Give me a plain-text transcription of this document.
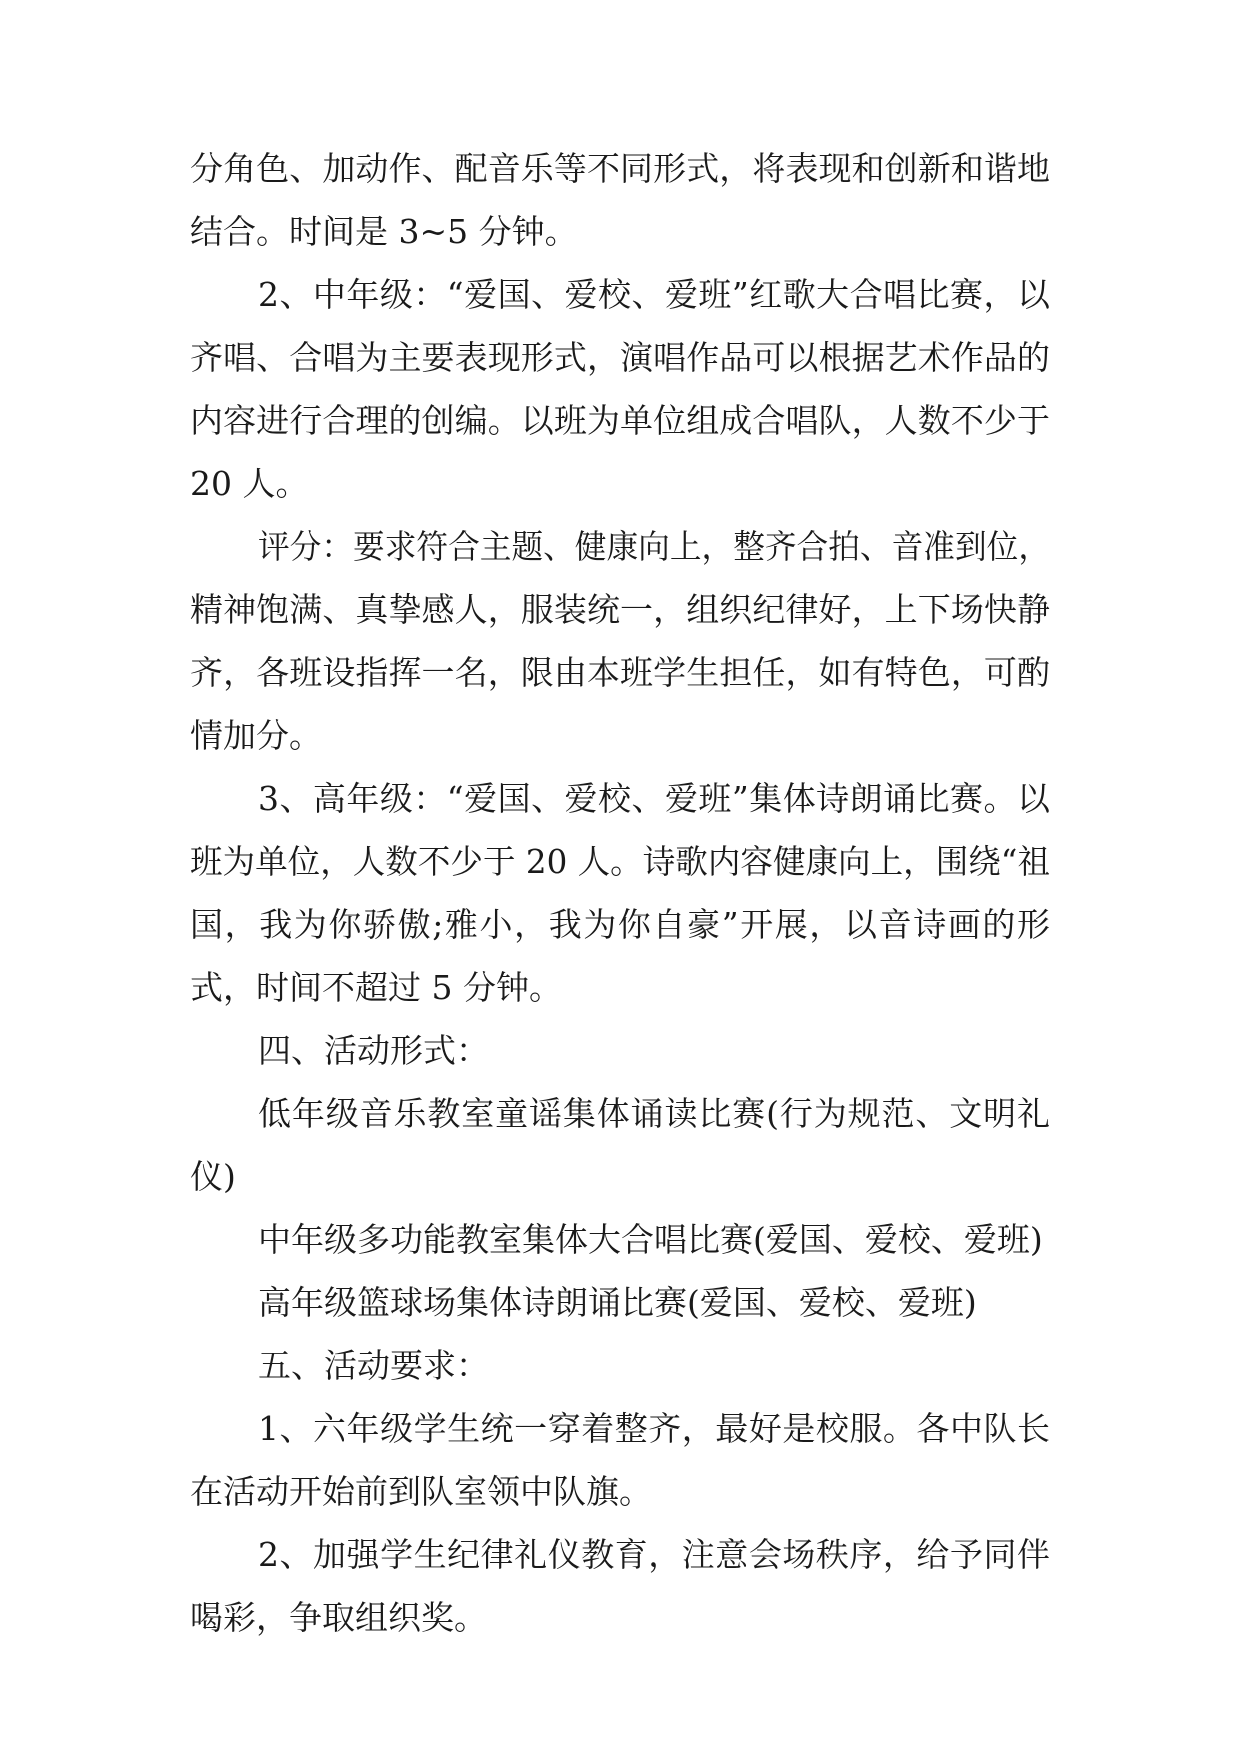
分角色、加动作、配音乐等不同形式，将表现和创新和谐地
结合。时间是 3~5 分钟。
2、中年级：“爱国、爱校、爱班”红歌大合唱比赛，以
齐唱、合唱为主要表现形式，演唱作品可以根据艺术作品的
内容进行合理的创编。以班为单位组成合唱队，人数不少于
20 人。
评分：要求符合主题、健康向上，整齐合拍、音准到位，
精神饱满、真挚感人，服装统一，组织纪律好，上下场快静
齐，各班设指挥一名，限由本班学生担任，如有特色，可酌
情加分。
3、高年级：“爱国、爱校、爱班”集体诗朗诵比赛。以
班为单位，人数不少于 20 人。诗歌内容健康向上，围绕“祖
国，我为你骄傲;雅小，我为你自豪”开展，以音诗画的形
式，时间不超过 5 分钟。
四、活动形式：
低年级音乐教室童谣集体诵读比赛(行为规范、文明礼
仪)
中年级多功能教室集体大合唱比赛(爱国、爱校、爱班)
高年级篮球场集体诗朗诵比赛(爱国、爱校、爱班)
五、活动要求：
1、六年级学生统一穿着整齐，最好是校服。各中队长
在活动开始前到队室领中队旗。
2、加强学生纪律礼仪教育，注意会场秩序，给予同伴
喝彩，争取组织奖。
